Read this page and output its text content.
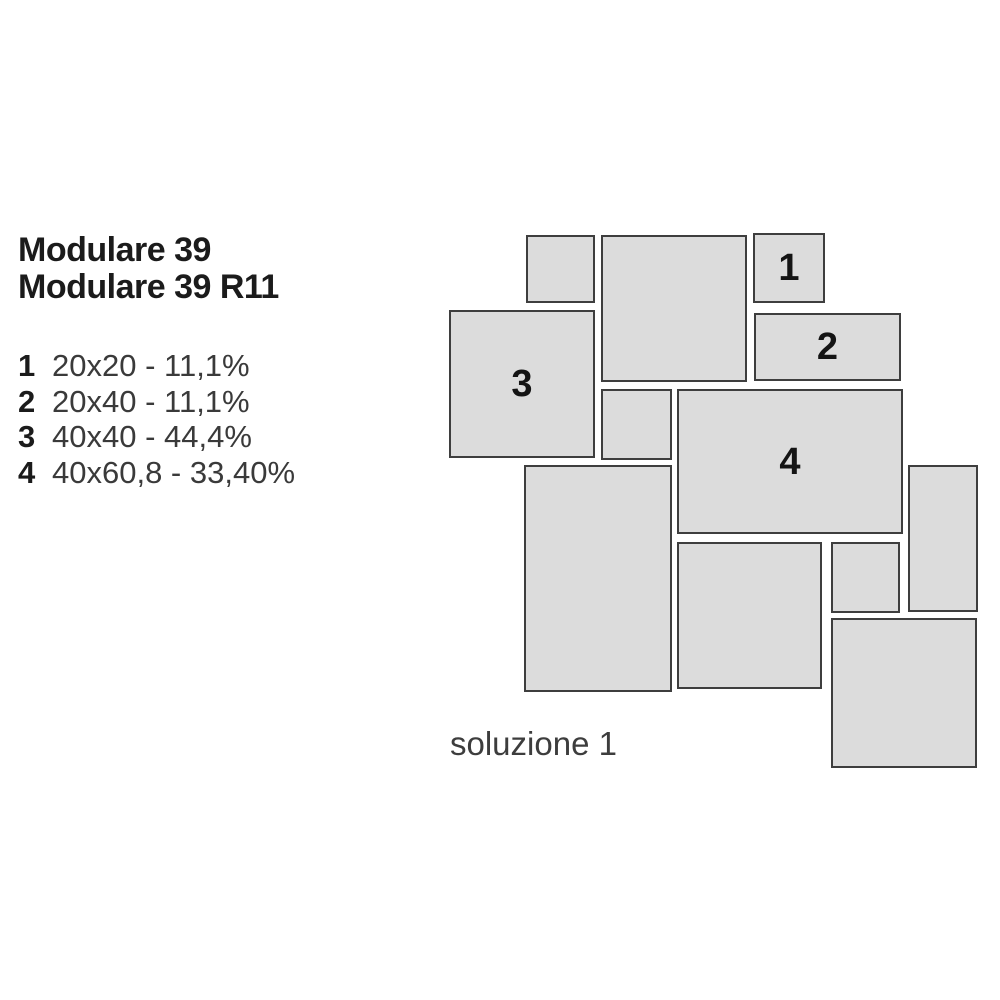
Modulare 39
Modulare 39 R11
1 20x20 - 11,1%
2 20x40 - 11,1%
3 40x40 - 44,4%
4 40x60,8 - 33,40%
1
2
3
4
soluzione 1
